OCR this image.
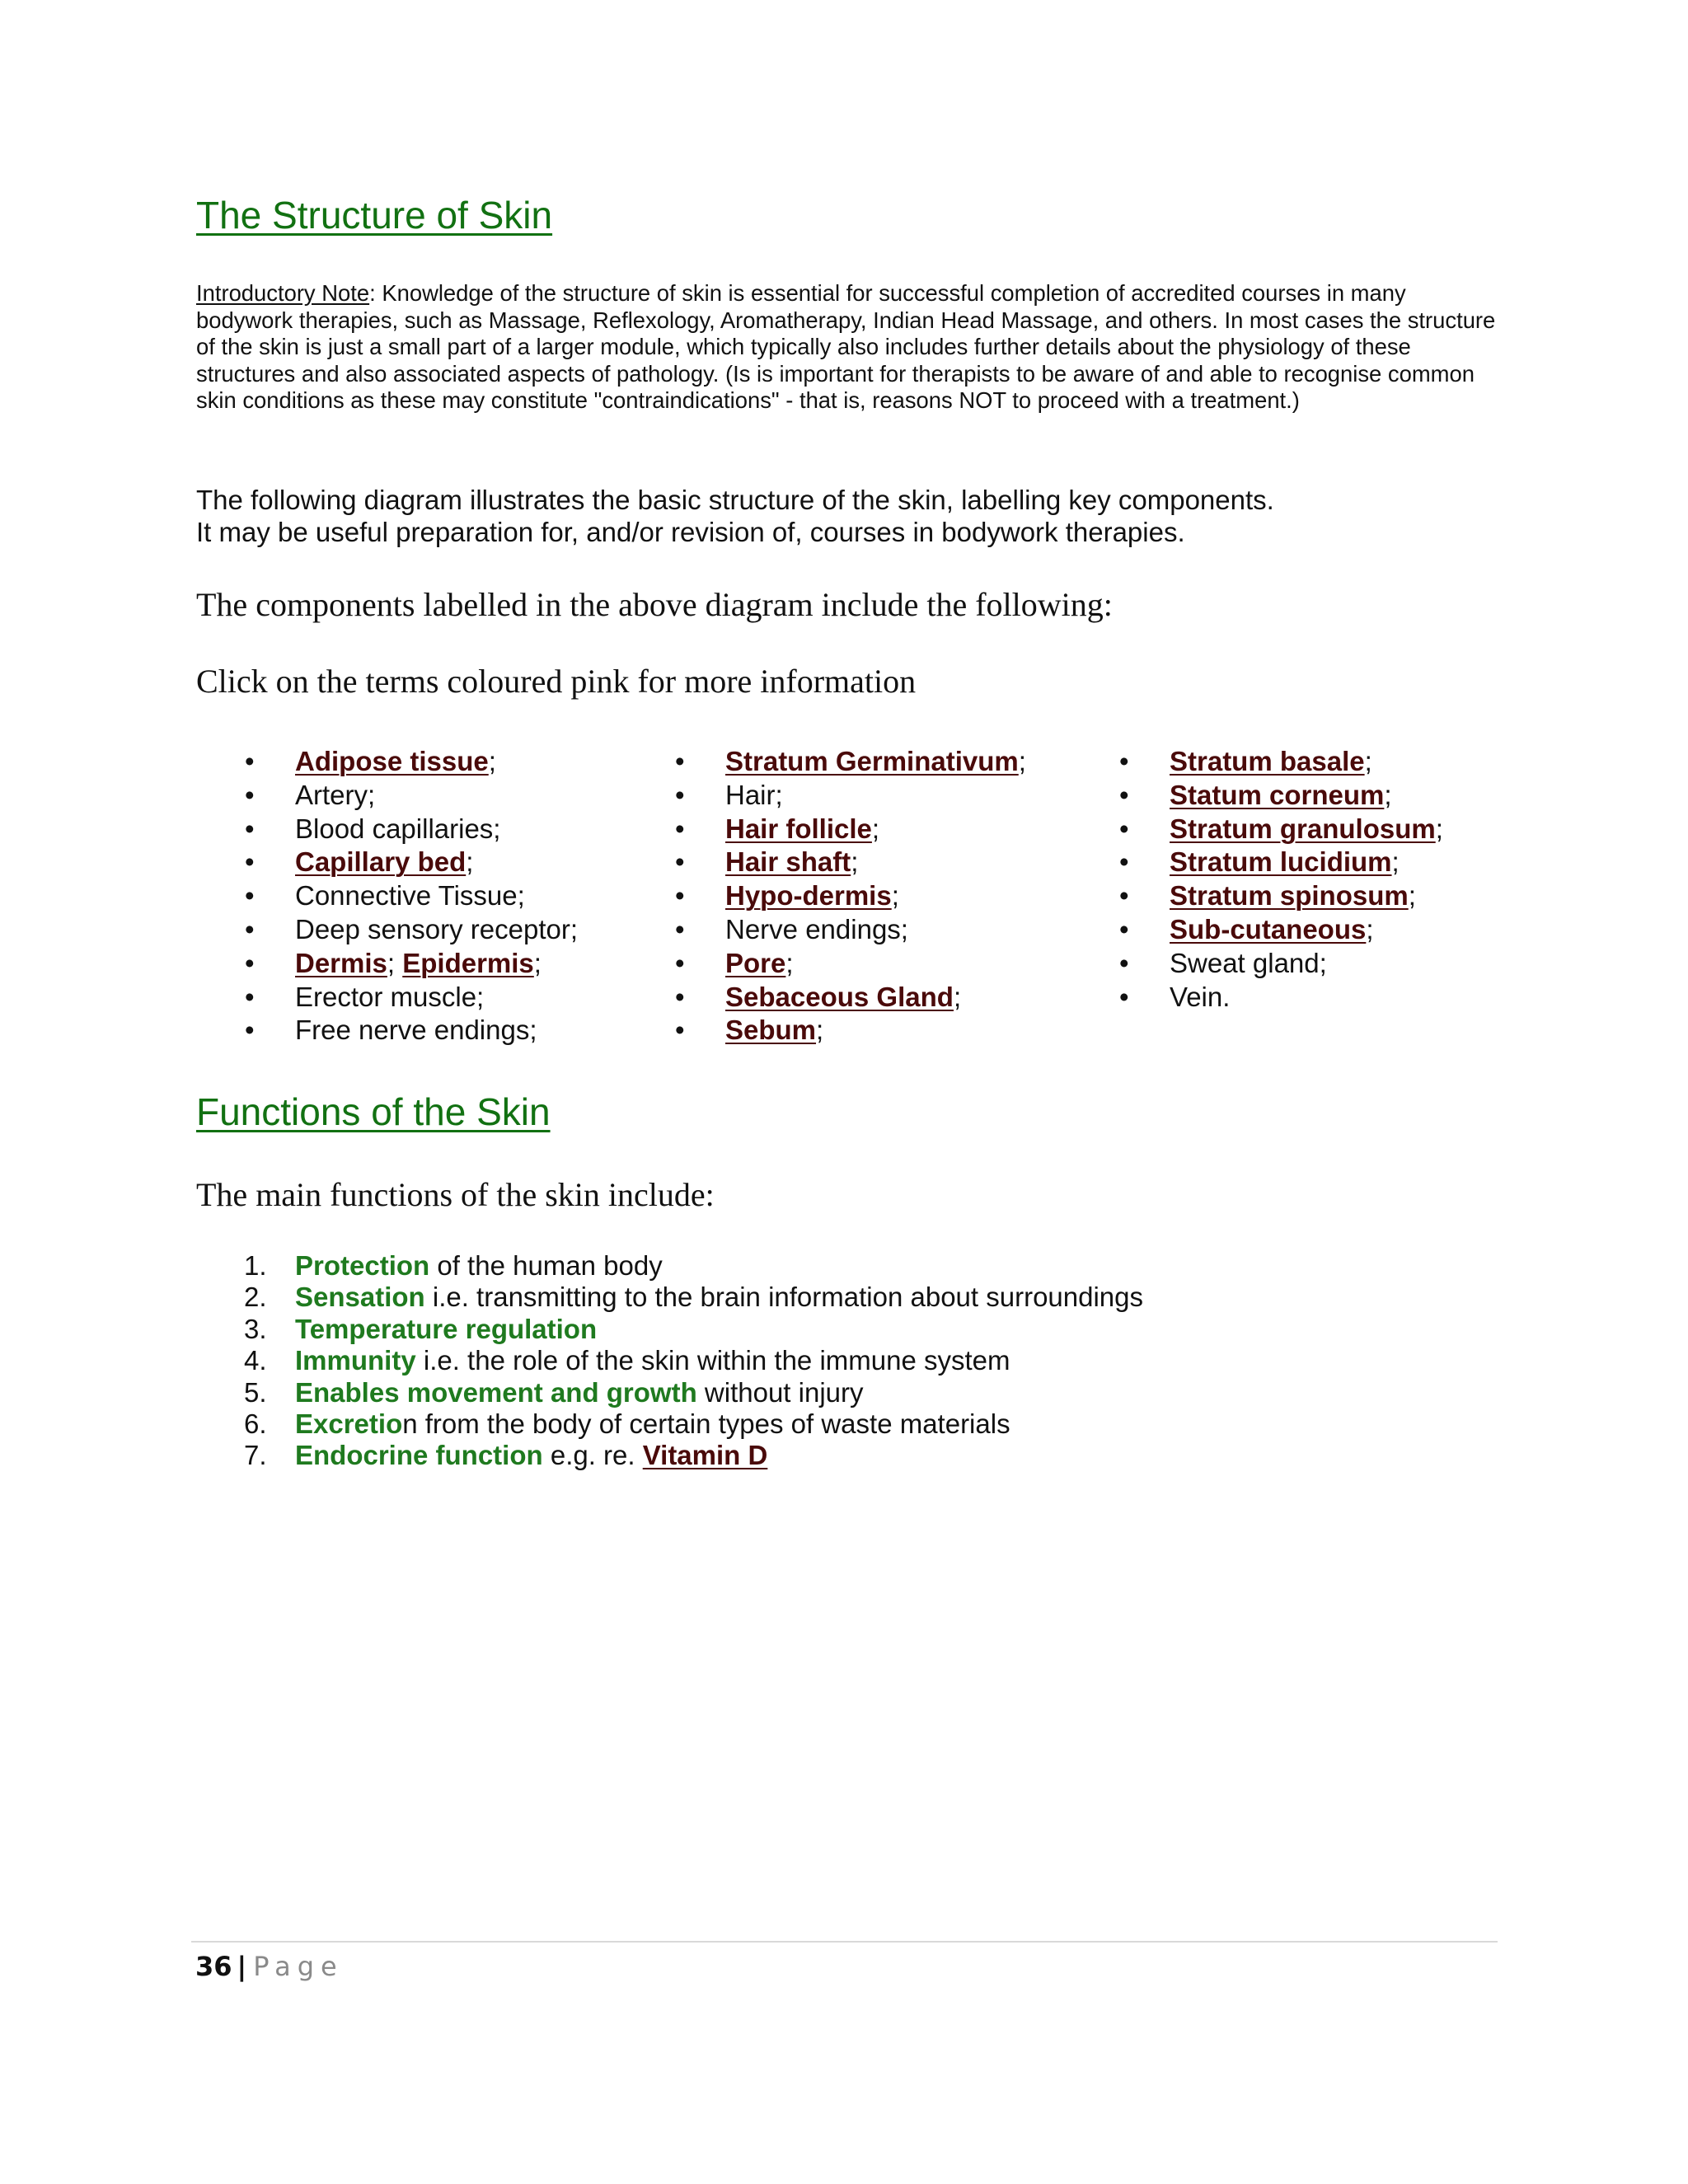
The Structure of Skin
Introductory Note: Knowledge of the structure of skin is essential for successful completion of accredited courses in many bodywork therapies, such as Massage, Reflexology, Aromatherapy, Indian Head Massage, and others. In most cases the structure of the skin is just a small part of a larger module, which typically also includes further details about the physiology of these structures and also associated aspects of pathology. (Is is important for therapists to be aware of and able to recognise common skin conditions as these may constitute "contraindications" - that is, reasons NOT to proceed with a treatment.)
The following diagram illustrates the basic structure of the skin, labelling key components.
It may be useful preparation for, and/or revision of, courses in bodywork therapies.
The components labelled in the above diagram include the following:
Click on the terms coloured pink for more information
• Adipose tissue;
• Artery;
• Blood capillaries;
• Capillary bed;
• Connective Tissue;
• Deep sensory receptor;
• Dermis; Epidermis;
• Erector muscle;
• Free nerve endings;
• Stratum Germinativum;
• Hair;
• Hair follicle;
• Hair shaft;
• Hypo-dermis;
• Nerve endings;
• Pore;
• Sebaceous Gland;
• Sebum;
• Stratum basale;
• Statum corneum;
• Stratum granulosum;
• Stratum lucidium;
• Stratum spinosum;
• Sub-cutaneous;
• Sweat gland;
• Vein.
Functions of the Skin
The main functions of the skin include:
1. Protection of the human body
2. Sensation i.e. transmitting to the brain information about surroundings
3. Temperature regulation
4. Immunity i.e. the role of the skin within the immune system
5. Enables movement and growth without injury
6. Excretion from the body of certain types of waste materials
7. Endocrine function e.g. re. Vitamin D
36 | Page
